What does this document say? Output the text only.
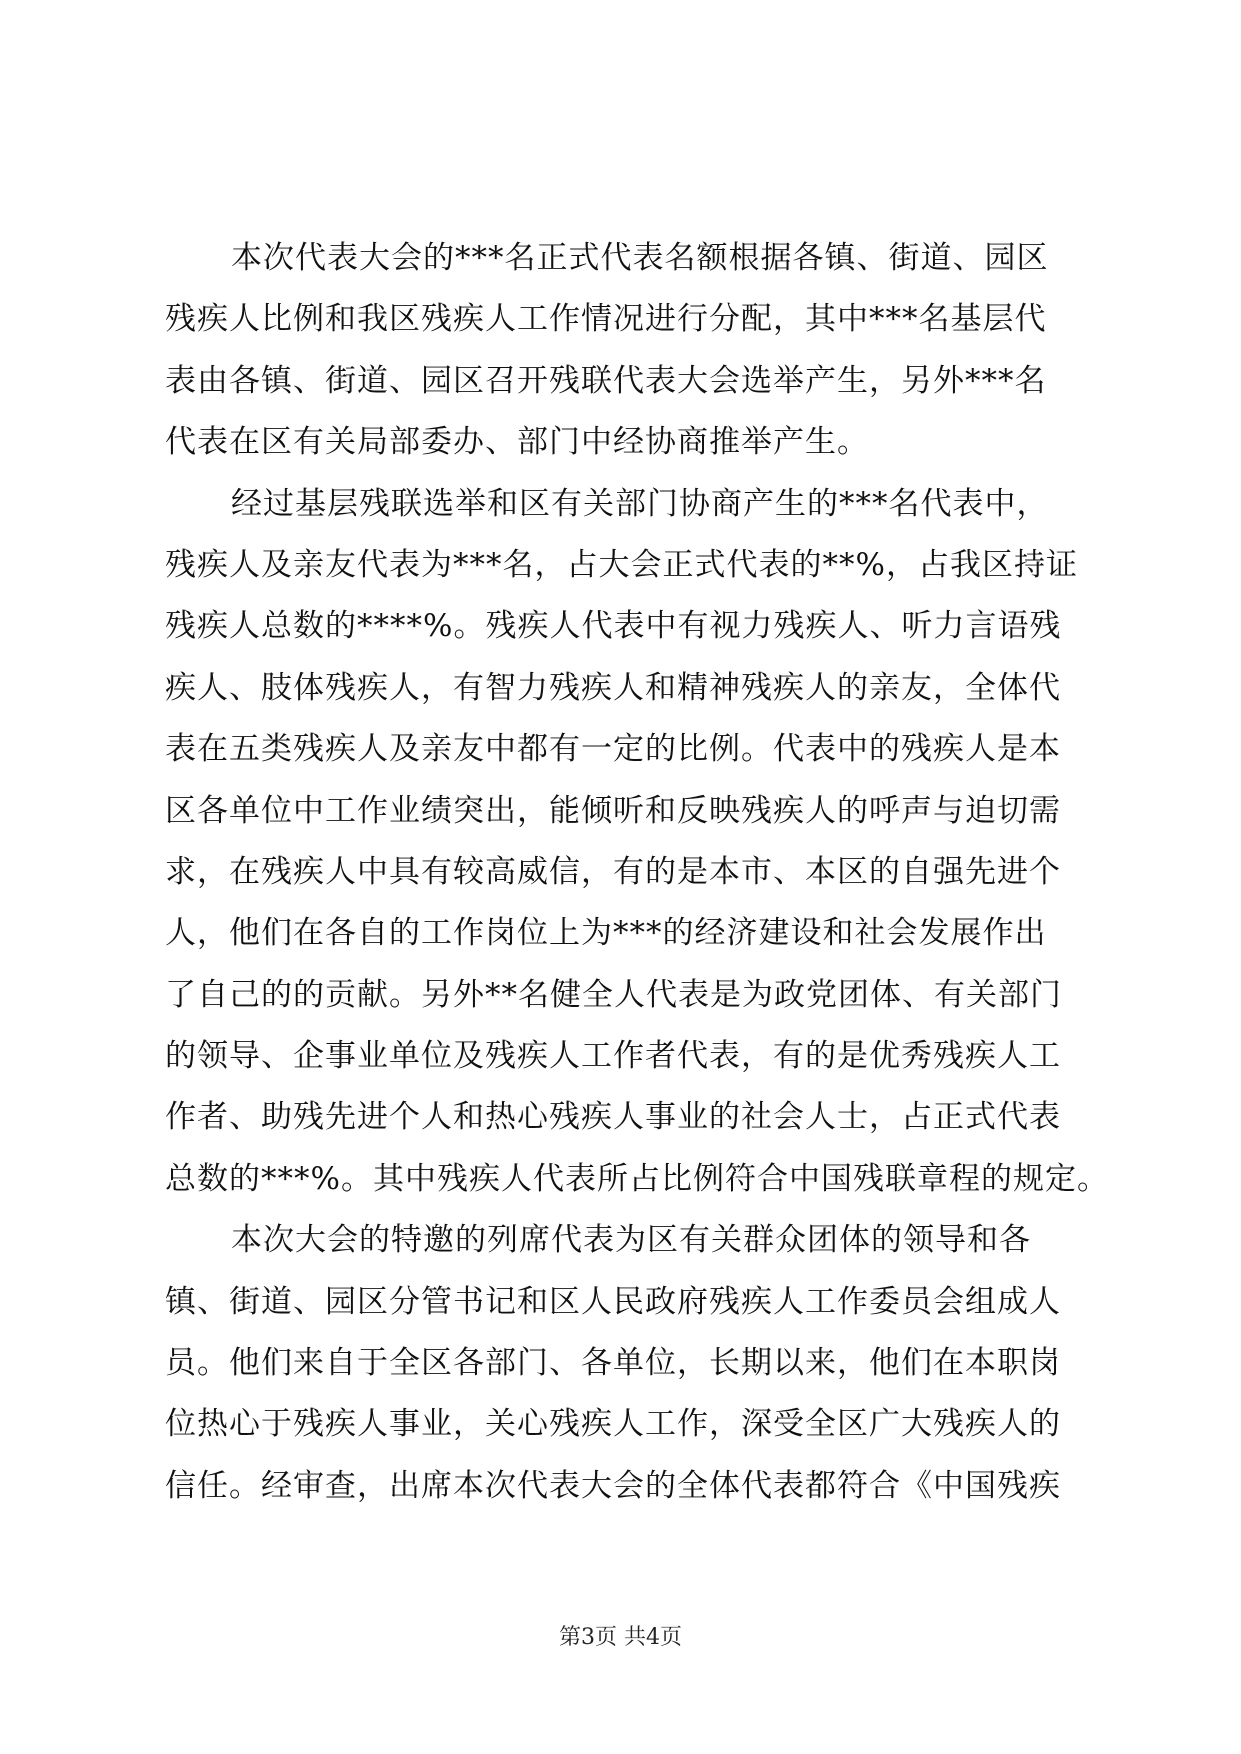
本次代表大会的***名正式代表名额根据各镇、街道、园区
残疾人比例和我区残疾人工作情况进行分配，其中***名基层代
表由各镇、街道、园区召开残联代表大会选举产生，另外***名
代表在区有关局部委办、部门中经协商推举产生。
经过基层残联选举和区有关部门协商产生的***名代表中，
残疾人及亲友代表为***名，占大会正式代表的**%，占我区持证
残疾人总数的****%。残疾人代表中有视力残疾人、听力言语残
疾人、肢体残疾人，有智力残疾人和精神残疾人的亲友，全体代
表在五类残疾人及亲友中都有一定的比例。代表中的残疾人是本
区各单位中工作业绩突出，能倾听和反映残疾人的呼声与迫切需
求，在残疾人中具有较高威信，有的是本市、本区的自强先进个
人，他们在各自的工作岗位上为***的经济建设和社会发展作出
了自己的的贡献。另外**名健全人代表是为政党团体、有关部门
的领导、企事业单位及残疾人工作者代表，有的是优秀残疾人工
作者、助残先进个人和热心残疾人事业的社会人士，占正式代表
总数的***%。其中残疾人代表所占比例符合中国残联章程的规定。
本次大会的特邀的列席代表为区有关群众团体的领导和各
镇、街道、园区分管书记和区人民政府残疾人工作委员会组成人
员。他们来自于全区各部门、各单位，长期以来，他们在本职岗
位热心于残疾人事业，关心残疾人工作，深受全区广大残疾人的
信任。经审查，出席本次代表大会的全体代表都符合《中国残疾
第3页 共4页
